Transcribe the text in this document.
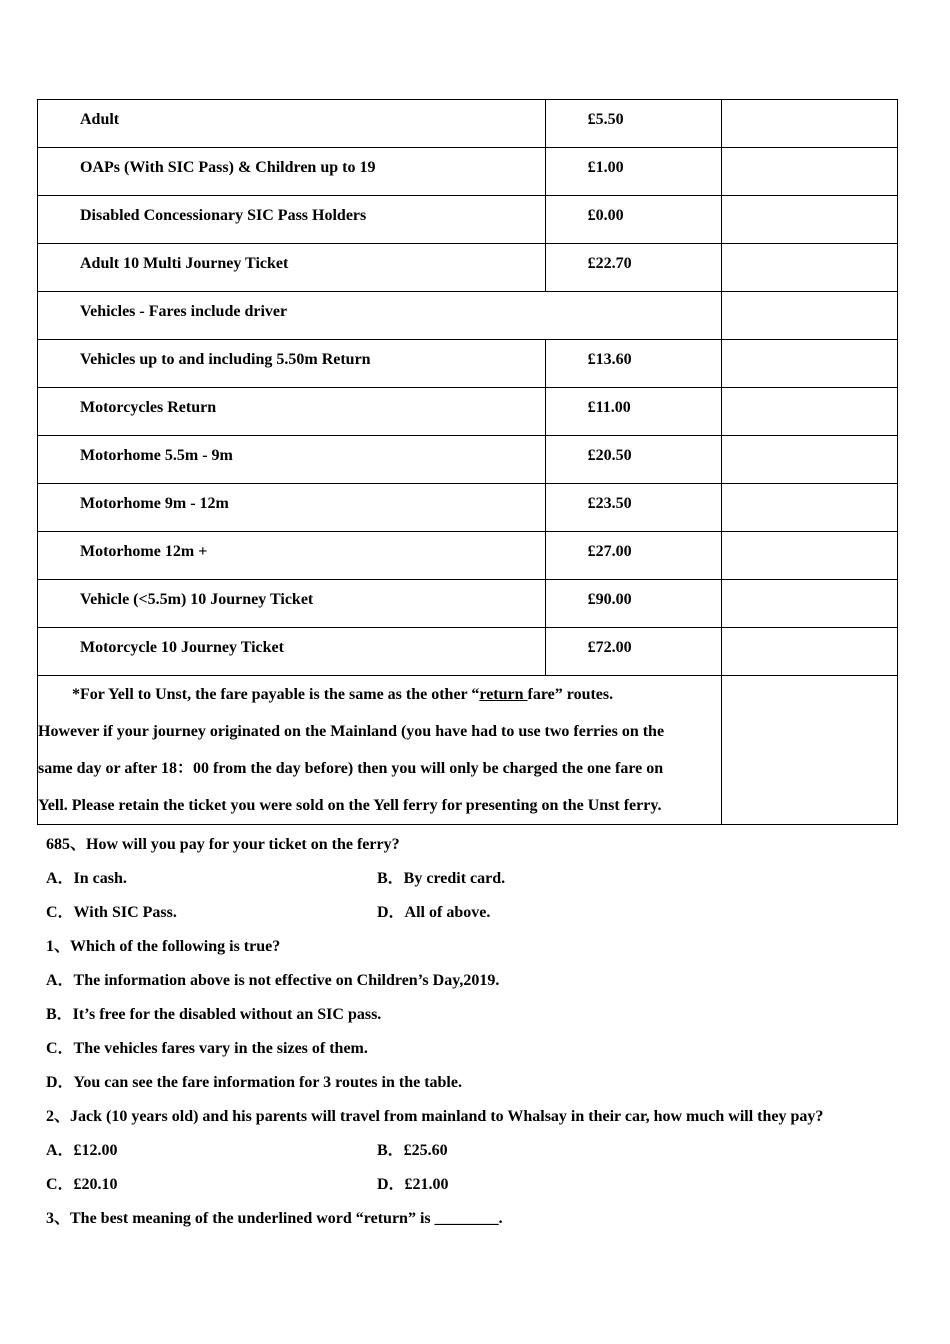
Adult	£5.50	

OAPs (With SIC Pass) & Children up to 19	£1.00	

Disabled Concessionary SIC Pass Holders	£0.00	

Adult 10 Multi Journey Ticket	£22.70	

Vehicles - Fares include driver		

Vehicles up to and including 5.50m Return	£13.60	

Motorcycles Return	£11.00	

Motorhome 5.5m - 9m	£20.50	

Motorhome 9m - 12m	£23.50	

Motorhome 12m +	£27.00	

Vehicle (<5.5m) 10 Journey Ticket	£90.00	

Motorcycle 10 Journey Ticket	£72.00	

*For Yell to Unst, the fare payable is the same as the other “return fare” routes.

However if your journey originated on the Mainland (you have had to use two ferries on the

same day or after 18：00 from the day before) then you will only be charged the one fare on

Yell. Please retain the ticket you were sold on the Yell ferry for presenting on the Unst ferry.		

685、How will you pay for your ticket on the ferry?
A．In cash.	B．By credit card.
C．With SIC Pass.	D．All of above.
1、Which of the following is true?
A．The information above is not effective on Children’s Day,2019.
B．It’s free for the disabled without an SIC pass.
C．The vehicles fares vary in the sizes of them.
D．You can see the fare information for 3 routes in the table.
2、Jack (10 years old) and his parents will travel from mainland to Whalsay in their car, how much will they pay?
A．£12.00	B．£25.60
C．£20.10	D．£21.00
3、The best meaning of the underlined word “return” is ________.
